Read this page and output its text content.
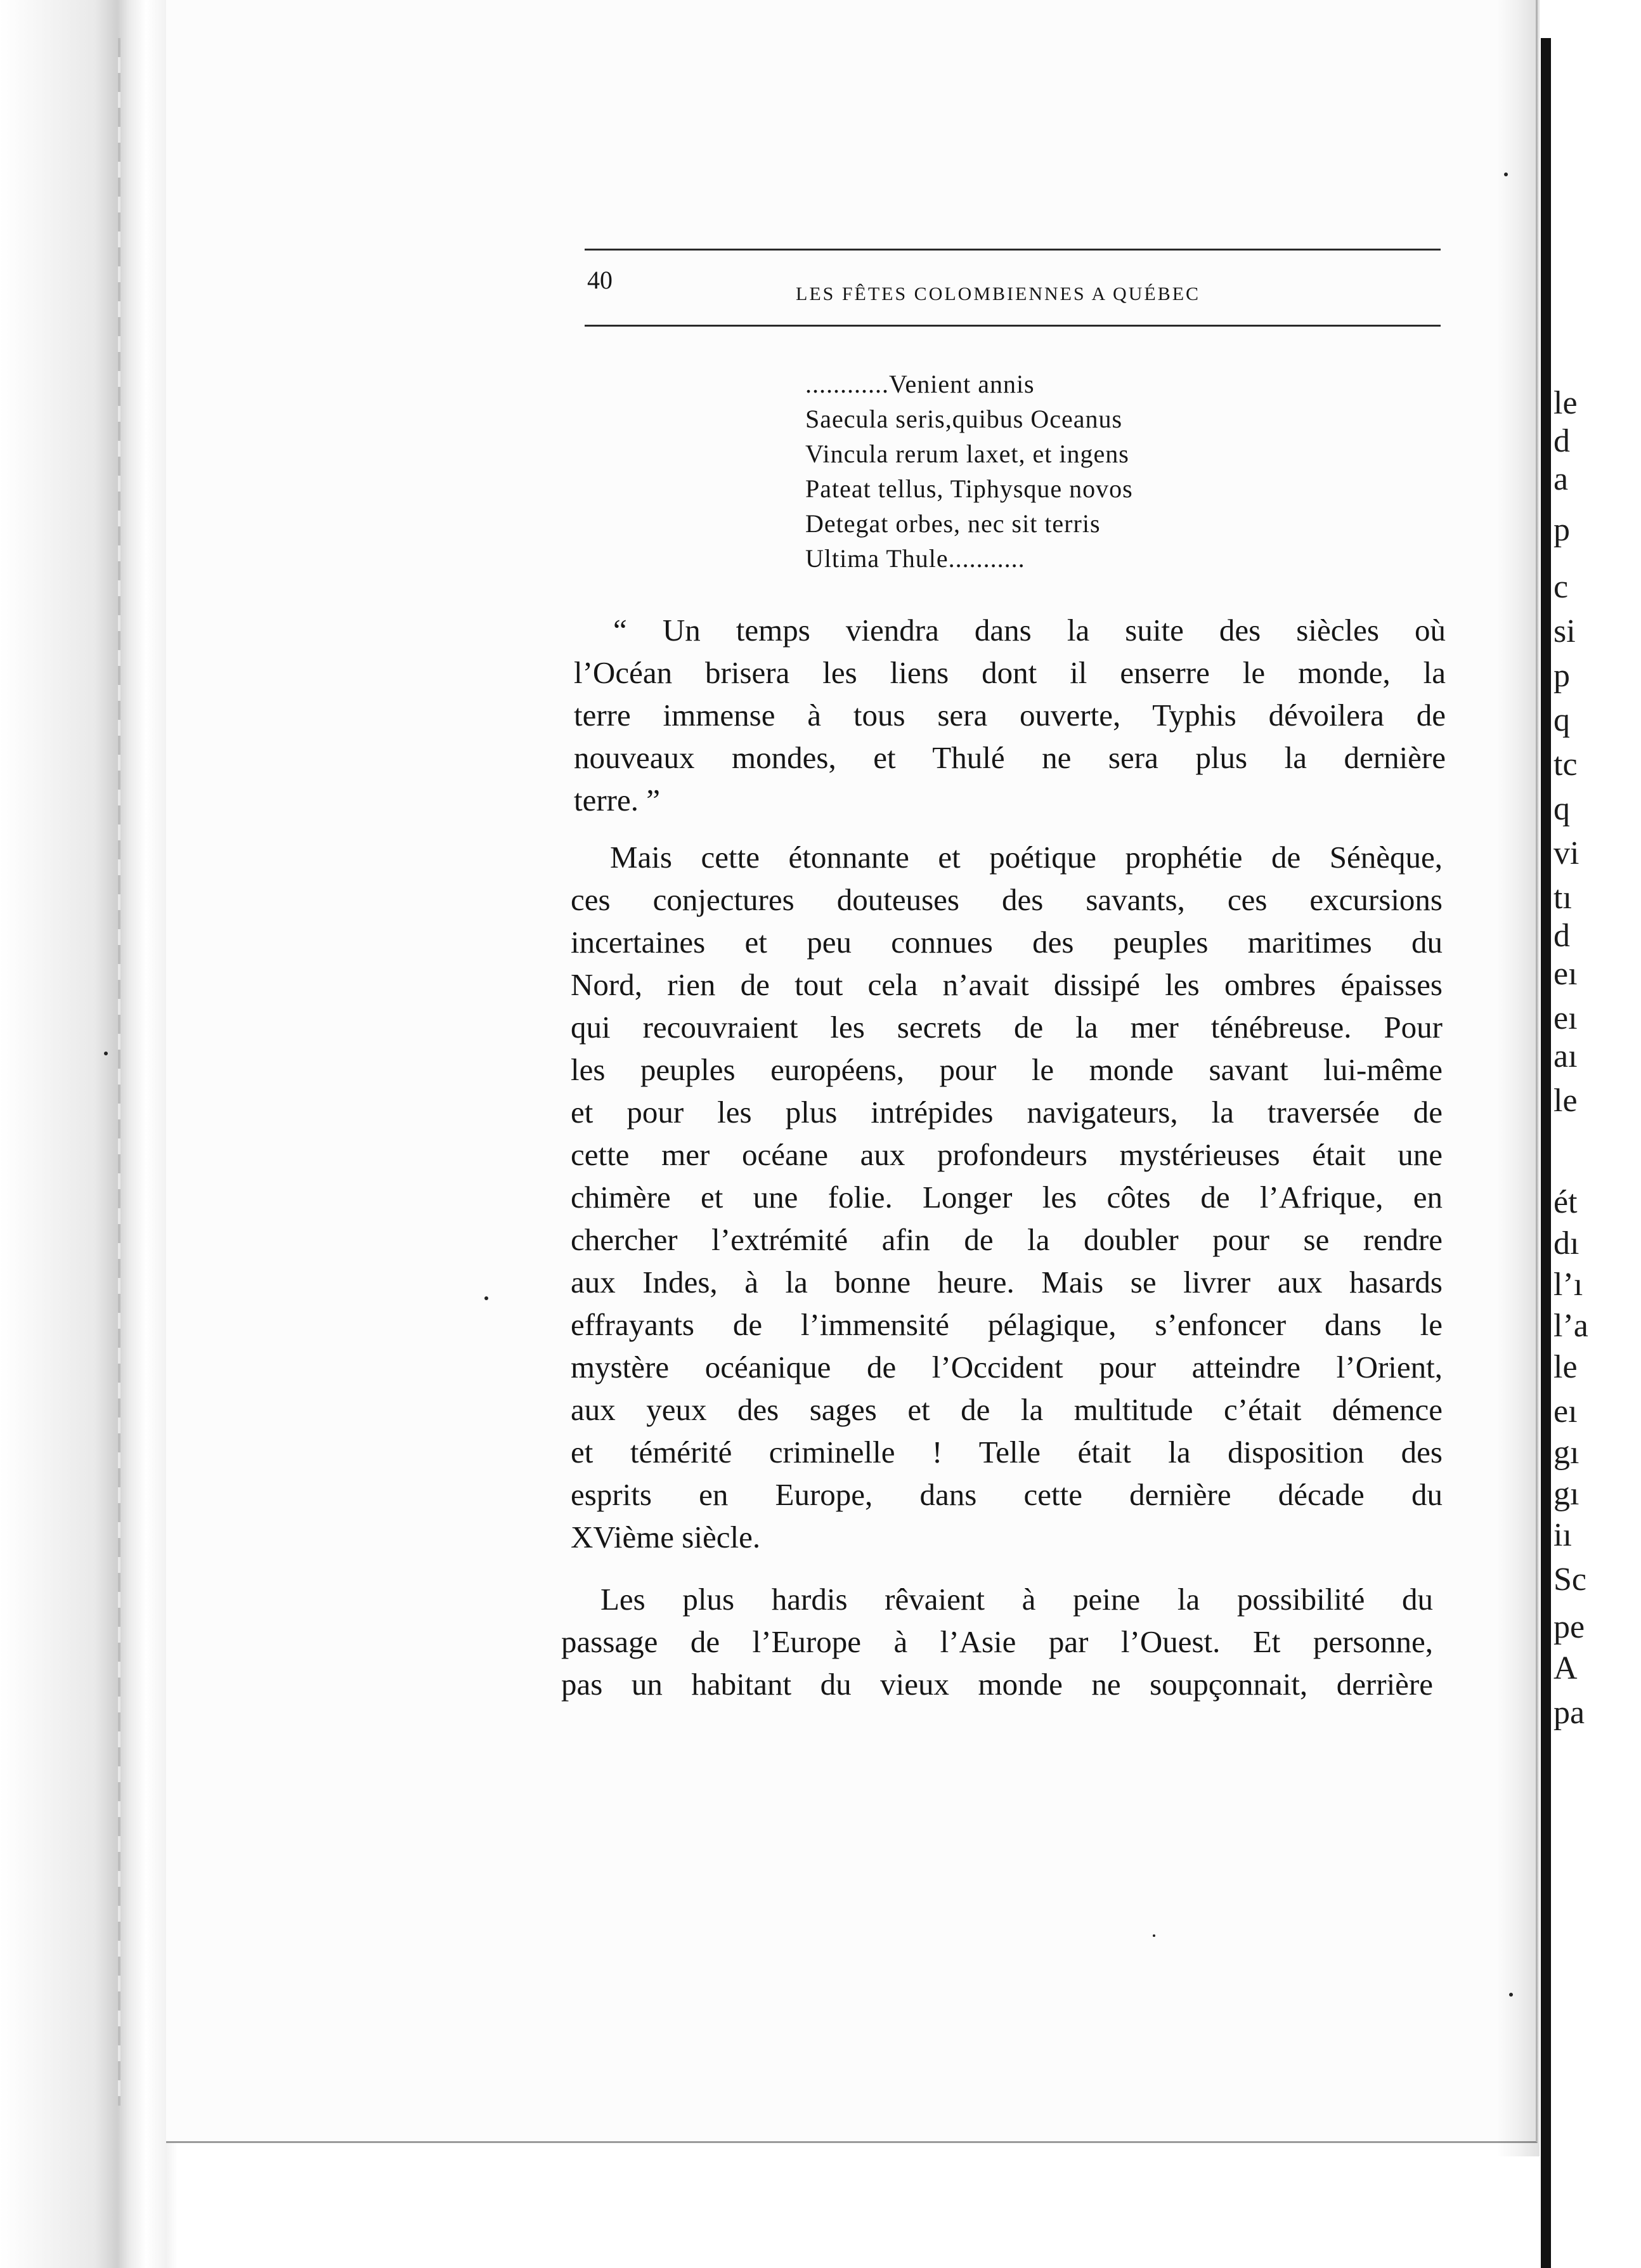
le
d
a
p
c
si
p
q
tc
q
vi
tı
d
eı
eı
aı
le
ét
dı
l’ı
l’a
le
eı
gı
gı
iı
Sc
pe
A
pa
40	LES FÊTES COLOMBIENNES A QUÉBEC
............Venient annis
Saecula seris,quibus Oceanus
Vincula rerum laxet, et ingens
Pateat tellus, Tiphysque novos
Detegat orbes, nec sit terris
Ultima Thule...........
“ Un temps viendra dans la suite des siècles où
l’Océan brisera les liens dont il enserre le monde, la
terre immense à tous sera ouverte, Typhis dévoilera de
nouveaux mondes, et Thulé ne sera plus la dernière
terre. ”
Mais cette étonnante et poétique prophétie de Sénèque,
ces conjectures douteuses des savants, ces excursions
incertaines et peu connues des peuples maritimes du
Nord, rien de tout cela n’avait dissipé les ombres épaisses
qui recouvraient les secrets de la mer ténébreuse. Pour
les peuples européens, pour le monde savant lui-même
et pour les plus intrépides navigateurs, la traversée de
cette mer océane aux profondeurs mystérieuses était une
chimère et une folie. Longer les côtes de l’Afrique, en
chercher l’extrémité afin de la doubler pour se rendre
aux Indes, à la bonne heure. Mais se livrer aux hasards
effrayants de l’immensité pélagique, s’enfoncer dans le
mystère océanique de l’Occident pour atteindre l’Orient,
aux yeux des sages et de la multitude c’était démence
et témérité criminelle ! Telle était la disposition des
esprits en Europe, dans cette dernière décade du
XVième siècle.
Les plus hardis rêvaient à peine la possibilité du
passage de l’Europe à l’Asie par l’Ouest. Et personne,
pas un habitant du vieux monde ne soupçonnait, derrière
